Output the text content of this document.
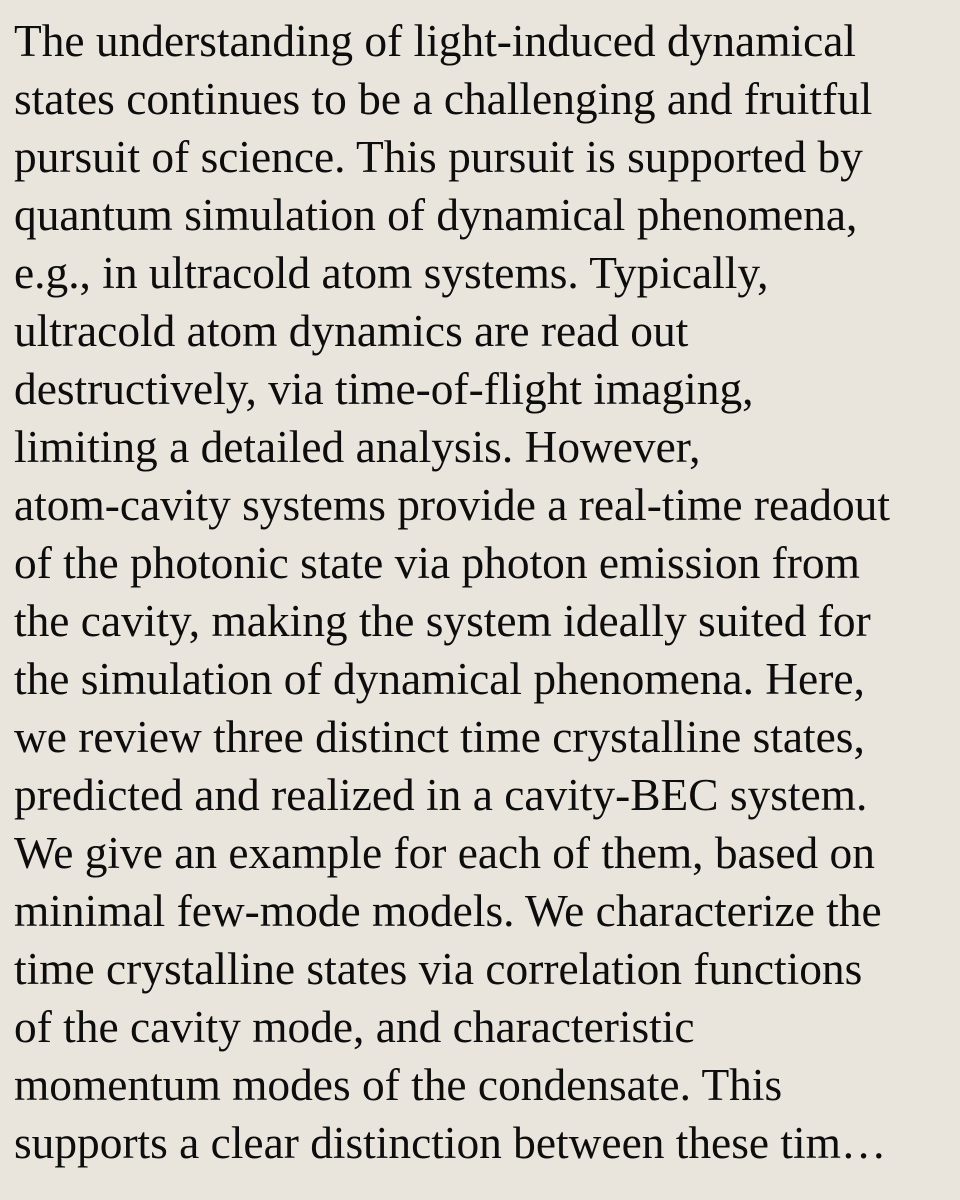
The understanding of light-induced dynamical
states continues to be a challenging and fruitful
pursuit of science. This pursuit is supported by
quantum simulation of dynamical phenomena,
e.g., in ultracold atom systems. Typically,
ultracold atom dynamics are read out
destructively, via time-of-flight imaging,
limiting a detailed analysis. However,
atom-cavity systems provide a real-time readout
of the photonic state via photon emission from
the cavity, making the system ideally suited for
the simulation of dynamical phenomena. Here,
we review three distinct time crystalline states,
predicted and realized in a cavity-BEC system.
We give an example for each of them, based on
minimal few-mode models. We characterize the
time crystalline states via correlation functions
of the cavity mode, and characteristic
momentum modes of the condensate. This
supports a clear distinction between these tim…
